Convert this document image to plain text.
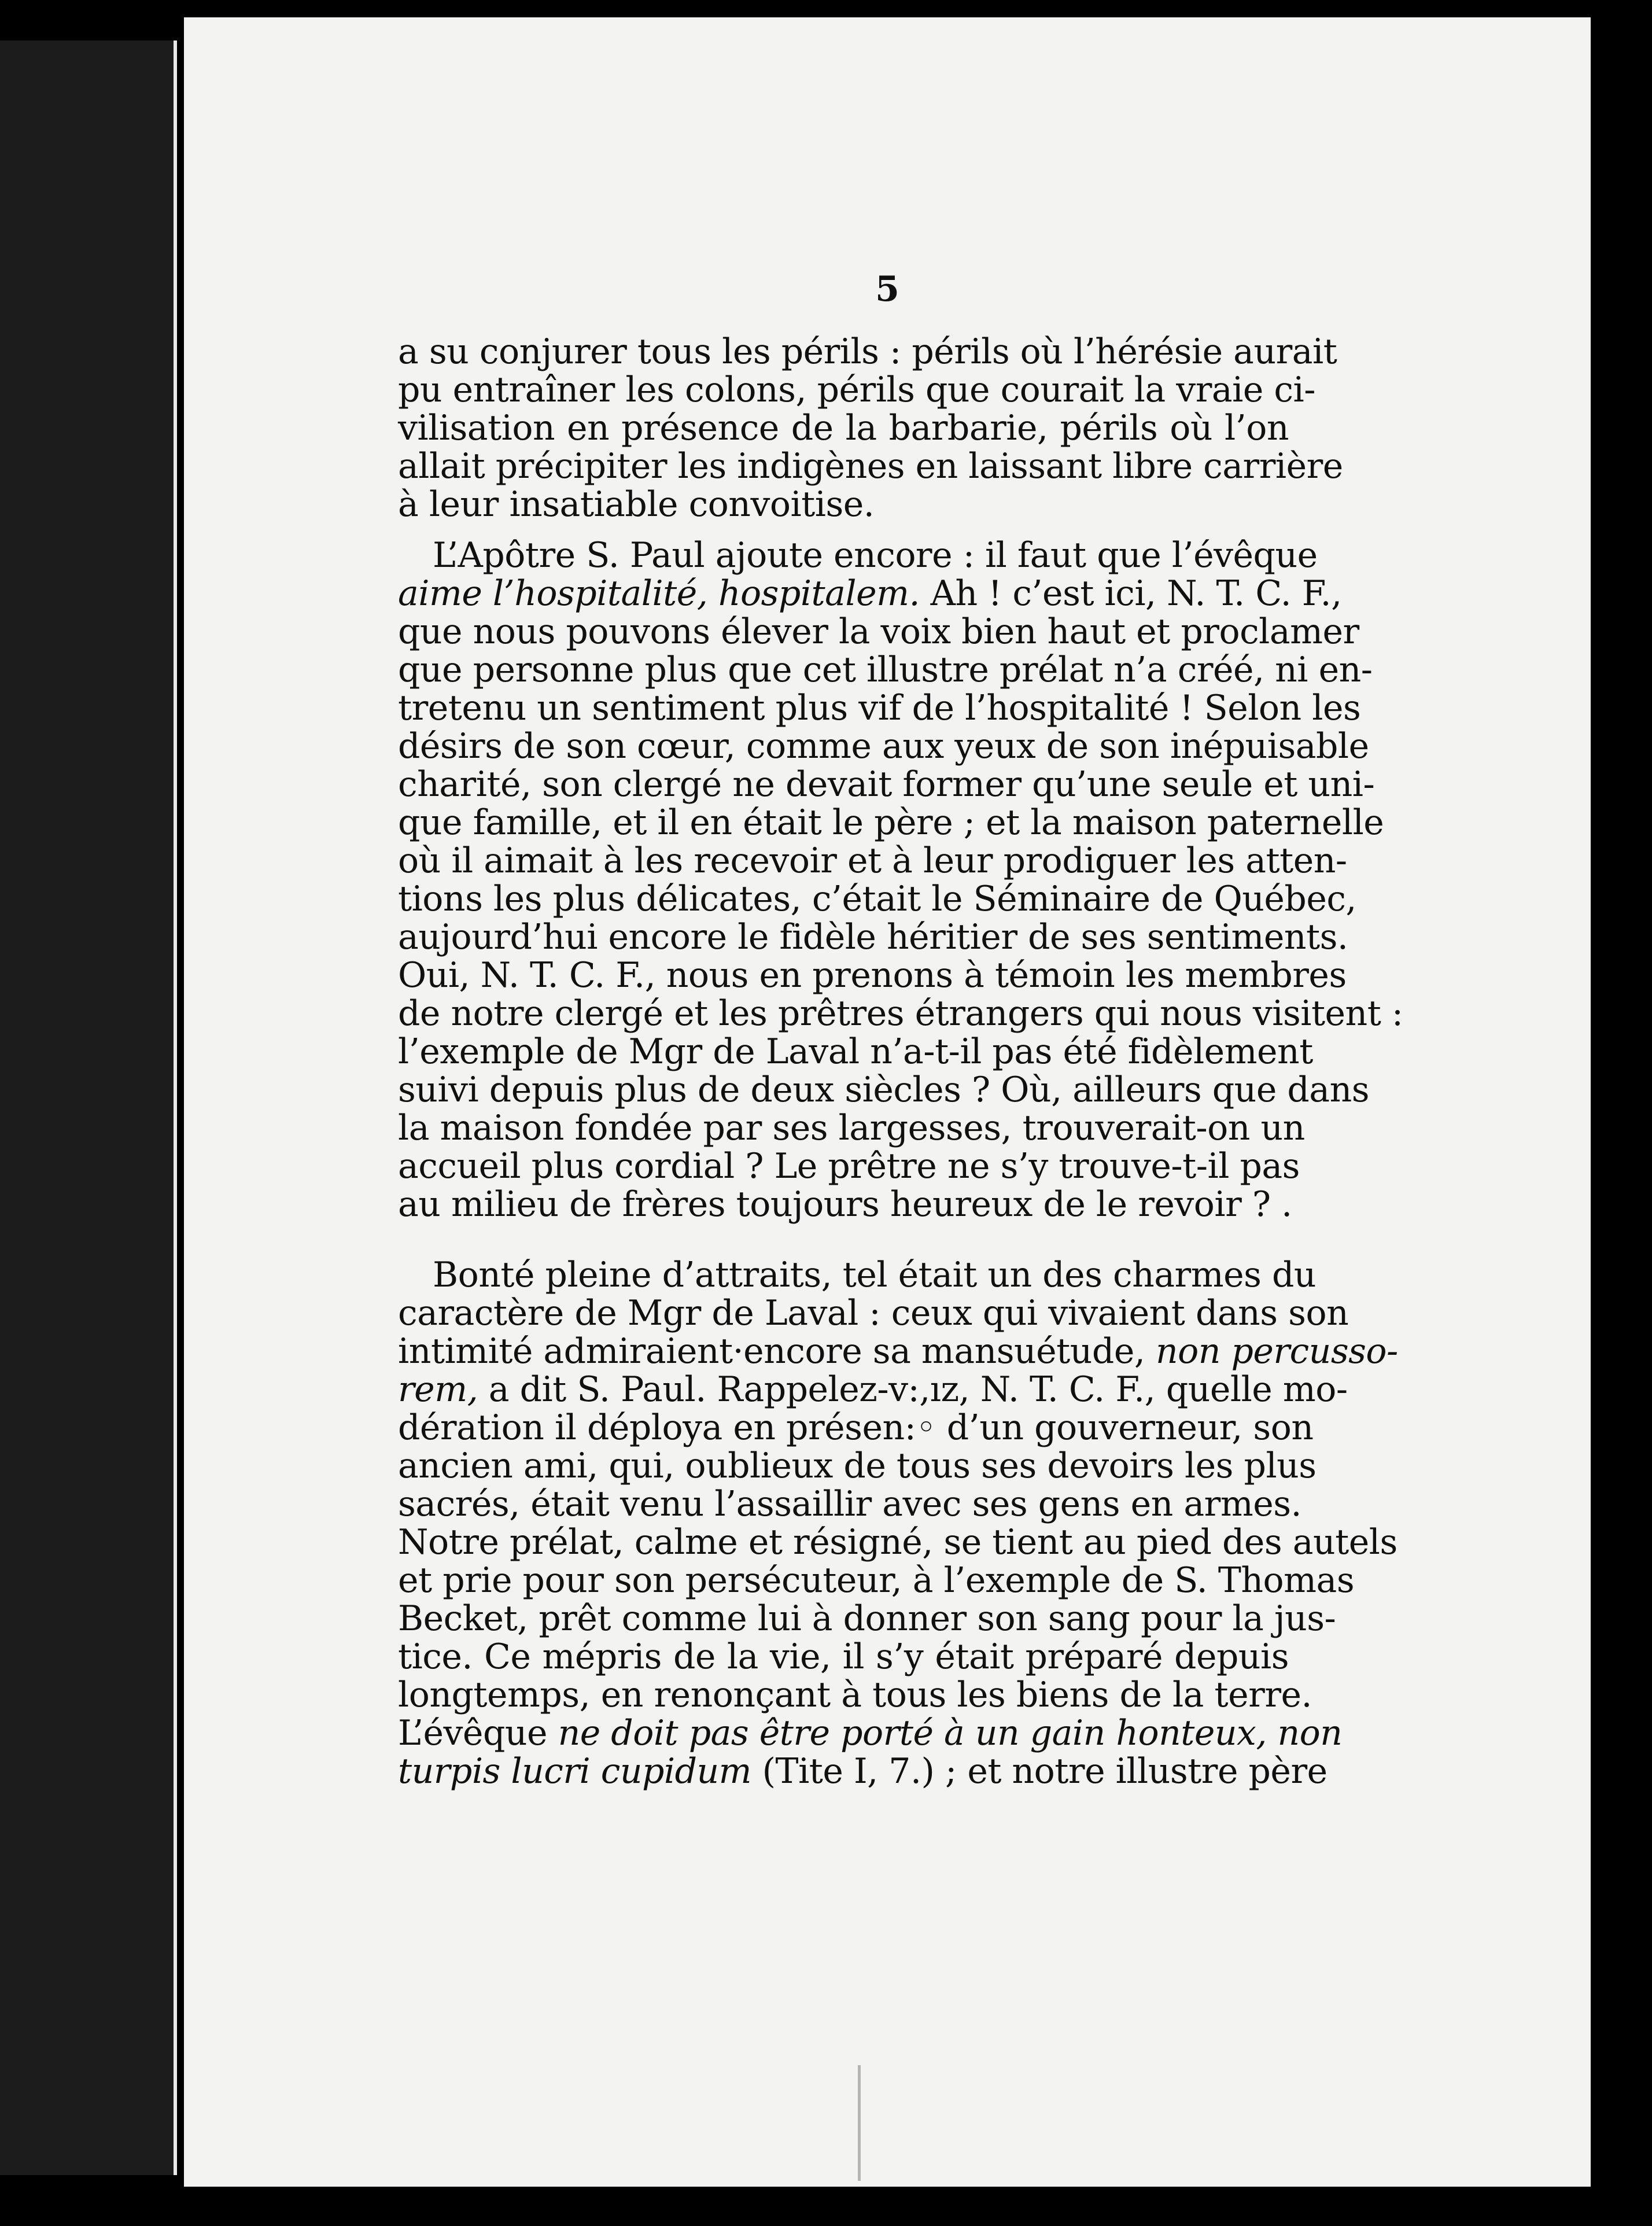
5
a su conjurer tous les périls : périls où l’hérésie aurait
pu entraîner les colons, périls que courait la vraie ci-
vilisation en présence de la barbarie, périls où l’on
allait précipiter les indigènes en laissant libre carrière
à leur insatiable convoitise.
L’Apôtre S. Paul ajoute encore : il faut que l’évêque
aime l’hospitalité, hospitalem. Ah ! c’est ici, N. T. C. F.,
que nous pouvons élever la voix bien haut et proclamer
que personne plus que cet illustre prélat n’a créé, ni en-
tretenu un sentiment plus vif de l’hospitalité ! Selon les
désirs de son cœur, comme aux yeux de son inépuisable
charité, son clergé ne devait former qu’une seule et uni-
que famille, et il en était le père ; et la maison paternelle
où il aimait à les recevoir et à leur prodiguer les atten-
tions les plus délicates, c’était le Séminaire de Québec,
aujourd’hui encore le fidèle héritier de ses sentiments.
Oui, N. T. C. F., nous en prenons à témoin les membres
de notre clergé et les prêtres étrangers qui nous visitent :
l’exemple de Mgr de Laval n’a-t-il pas été fidèlement
suivi depuis plus de deux siècles ? Où, ailleurs que dans
la maison fondée par ses largesses, trouverait-on un
accueil plus cordial ? Le prêtre ne s’y trouve-t-il pas
au milieu de frères toujours heureux de le revoir ? .
Bonté pleine d’attraits, tel était un des charmes du
caractère de Mgr de Laval : ceux qui vivaient dans son
intimité admiraient·encore sa mansuétude, non percusso-
rem, a dit S. Paul. Rappelez-v:,ız, N. T. C. F., quelle mo-
dération il déploya en présen:◦ d’un gouverneur, son
ancien ami, qui, oublieux de tous ses devoirs les plus
sacrés, était venu l’assaillir avec ses gens en armes.
Notre prélat, calme et résigné, se tient au pied des autels
et prie pour son persécuteur, à l’exemple de S. Thomas
Becket, prêt comme lui à donner son sang pour la jus-
tice. Ce mépris de la vie, il s’y était préparé depuis
longtemps, en renonçant à tous les biens de la terre.
L’évêque ne doit pas être porté à un gain honteux, non
turpis lucri cupidum (Tite I, 7.) ; et notre illustre père
